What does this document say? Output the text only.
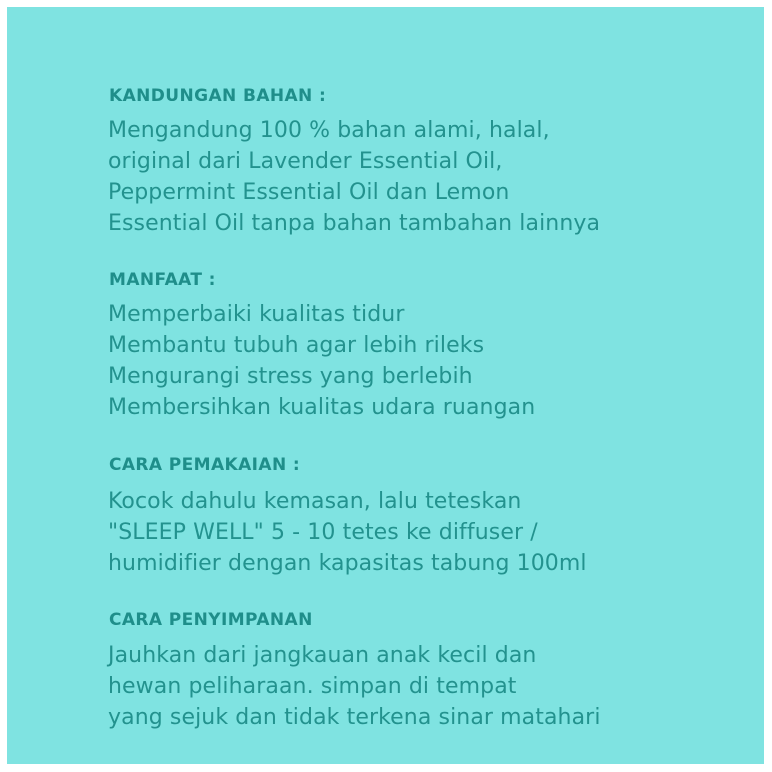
KANDUNGAN BAHAN :
Mengandung 100 % bahan alami, halal,
original dari Lavender Essential Oil,
Peppermint Essential Oil dan Lemon
Essential Oil tanpa bahan tambahan lainnya
MANFAAT :
Memperbaiki kualitas tidur
Membantu tubuh agar lebih rileks
Mengurangi stress yang berlebih
Membersihkan kualitas udara ruangan
CARA PEMAKAIAN :
Kocok dahulu kemasan, lalu teteskan
"SLEEP WELL" 5 - 10 tetes ke diffuser /
humidifier dengan kapasitas tabung 100ml
CARA PENYIMPANAN
Jauhkan dari jangkauan anak kecil dan
hewan peliharaan. simpan di tempat
yang sejuk dan tidak terkena sinar matahari
